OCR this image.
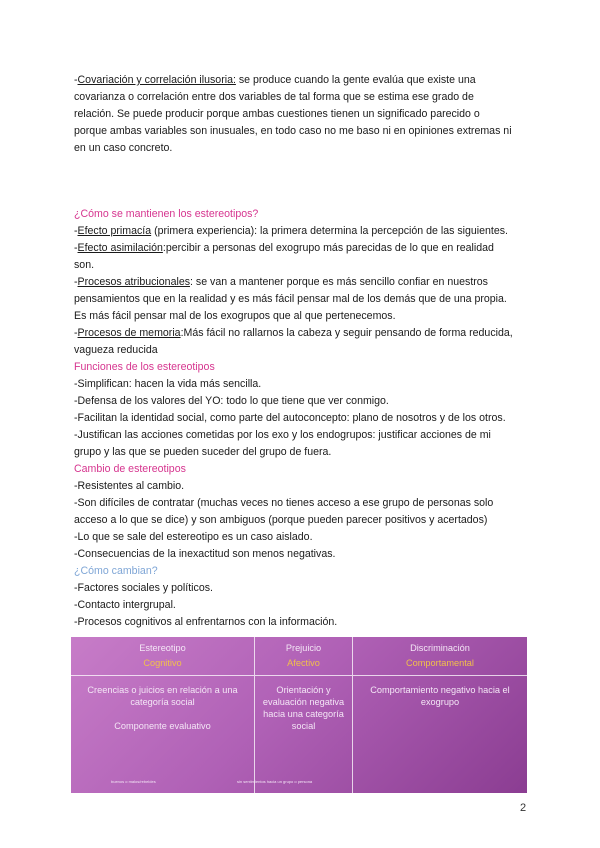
-Covariación y correlación ilusoria: se produce cuando la gente evalúa que existe una
covarianza o correlación entre dos variables de tal forma que se estima ese grado de
relación. Se puede producir porque ambas cuestiones tienen un significado parecido o
porque ambas variables son inusuales, en todo caso no me baso ni en opiniones extremas ni
en un caso concreto.
¿Cómo se mantienen los estereotipos?
-Efecto primacía (primera experiencia): la primera determina la percepción de las siguientes.
-Efecto asimilación:percibir a personas del exogrupo más parecidas de lo que en realidad
son.
-Procesos atribucionales: se van a mantener porque es más sencillo confiar en nuestros
pensamientos que en la realidad y es más fácil pensar mal de los demás que de una propia.
Es más fácil pensar mal de los exogrupos que al que pertenecemos.
-Procesos de memoria:Más fácil no rallarnos la cabeza y seguir pensando de forma reducida,
vagueza reducida
Funciones de los estereotipos
-Simplifican: hacen la vida más sencilla.
-Defensa de los valores del YO: todo lo que tiene que ver conmigo.
-Facilitan la identidad social, como parte del autoconcepto: plano de nosotros y de los otros.
-Justifican las acciones cometidas por los exo y los endogrupos: justificar acciones de mi
grupo y las que se pueden suceder del grupo de fuera.
Cambio de estereotipos
-Resistentes al cambio.
-Son difíciles de contratar (muchas veces no tienes acceso a ese grupo de personas solo
acceso a lo que se dice) y son ambiguos (porque pueden parecer positivos y acertados)
-Lo que se sale del estereotipo es un caso aislado.
-Consecuencias de la inexactitud son menos negativas.
¿Cómo cambian?
-Factores sociales y políticos.
-Contacto intergrupal.
-Procesos cognitivos al enfrentarnos con la información.
Estereotipo
Cognitivo
Prejuicio
Afectivo
Discriminación
Comportamental
Creencias o juicios en relación a una categoría social
Componente evaluativo
buenos o malos/rebeldes
Orientación y evaluación negativa hacia una categoría social
sin sentimientos hacia un grupo o persona
Comportamiento negativo hacia el exogrupo
2
